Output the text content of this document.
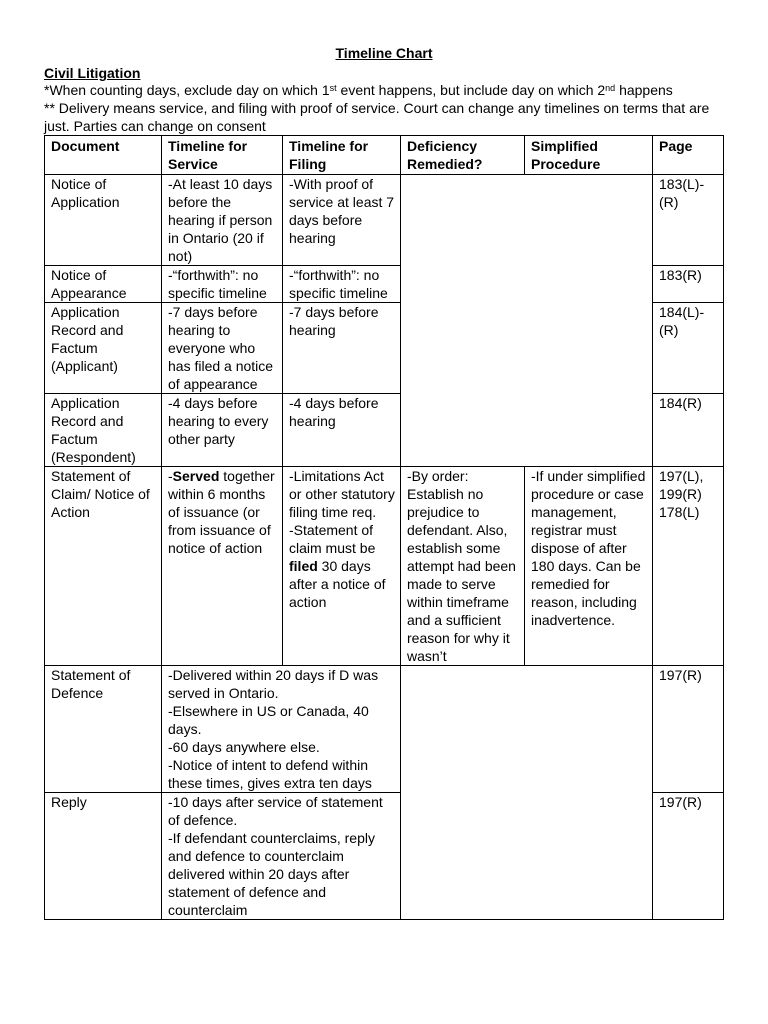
Timeline Chart
Civil Litigation
*When counting days, exclude day on which 1st event happens, but include day on which 2nd happens
** Delivery means service, and filing with proof of service. Court can change any timelines on terms that are just. Parties can change on consent
Document	Timeline for Service	Timeline for Filing	Deficiency Remedied?	Simplified Procedure	Page
Notice of Application	-At least 10 days before the hearing if person in Ontario (20 if not)	-With proof of service at least 7 days before hearing			183(L)-(R)
Notice of Appearance	-“forthwith”: no specific timeline	-“forthwith”: no specific timeline			183(R)
Application Record and Factum (Applicant)	-7 days before hearing to everyone who has filed a notice of appearance	-7 days before hearing			184(L)-(R)
Application Record and Factum (Respondent)	-4 days before hearing to every other party	-4 days before hearing			184(R)
Statement of Claim/ Notice of Action	-Served together within 6 months of issuance (or from issuance of notice of action	-Limitations Act or other statutory filing time req.
-Statement of claim must be filed 30 days after a notice of action	-By order: Establish no prejudice to defendant. Also, establish some attempt had been made to serve within timeframe and a sufficient reason for why it wasn’t	-If under simplified procedure or case management, registrar must dispose of after 180 days. Can be remedied for reason, including inadvertence.	197(L), 199(R) 178(L)
Statement of Defence	-Delivered within 20 days if D was served in Ontario.
-Elsewhere in US or Canada, 40 days.
-60 days anywhere else.
-Notice of intent to defend within these times, gives extra ten days				197(R)
Reply	-10 days after service of statement of defence.
-If defendant counterclaims, reply and defence to counterclaim delivered within 20 days after statement of defence and counterclaim				197(R)
